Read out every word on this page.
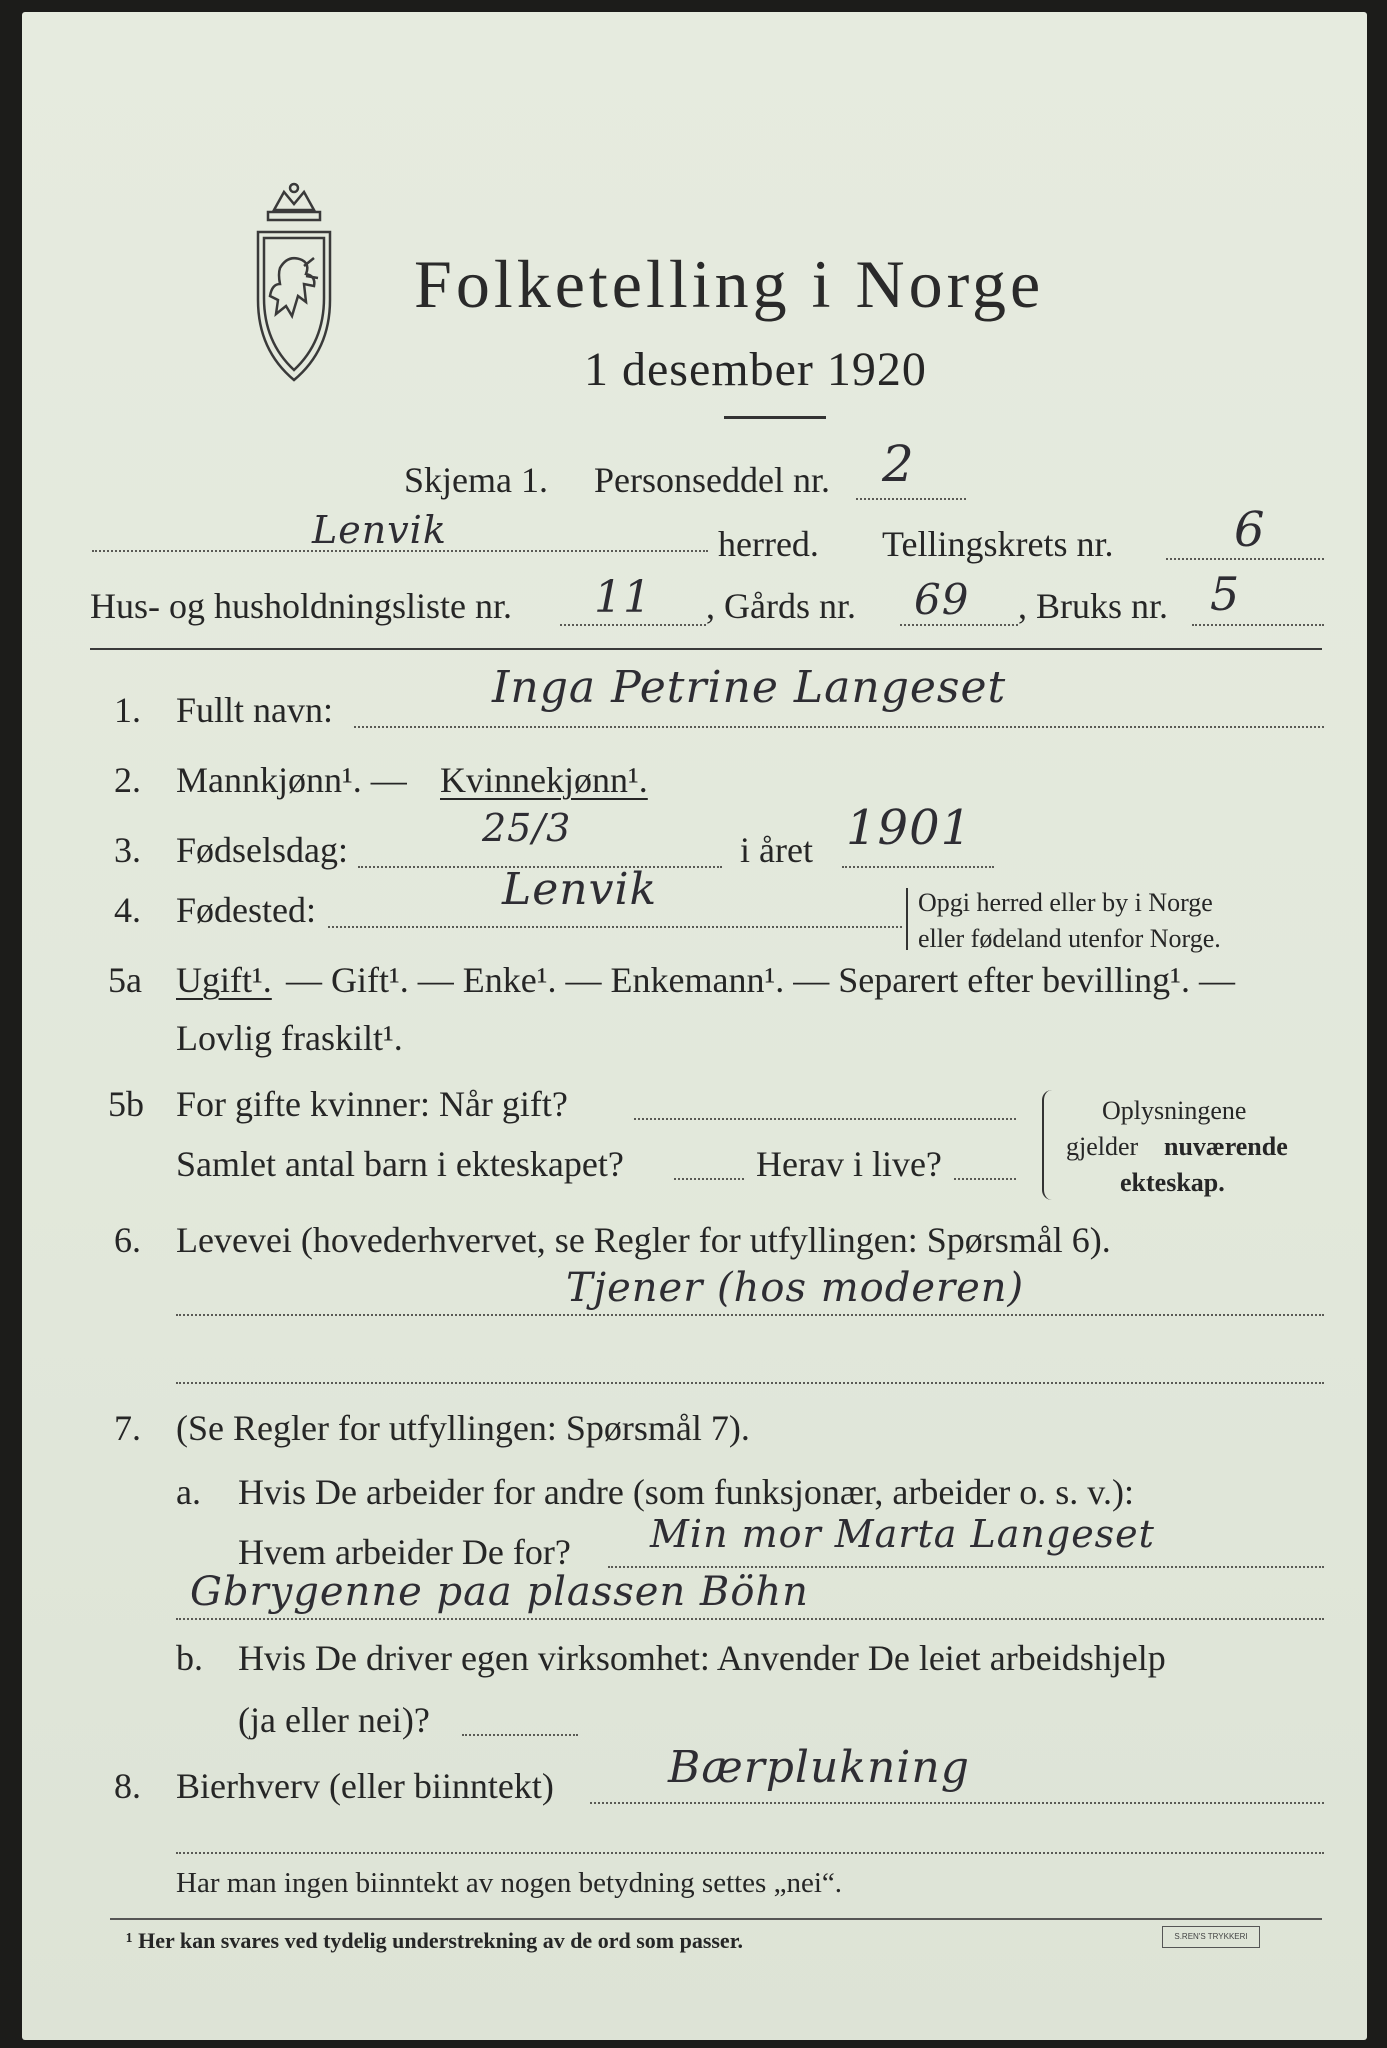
Folketelling i Norge
1 desember 1920
Skjema 1. Personseddel nr. 2
Lenvik	herred. Tellingskrets nr.	6
Hus- og husholdningsliste nr. 11 , Gårds nr. 69 , Bruks nr. 5
1. Fullt navn:	Inga Petrine Langeset
2. Mannkjønn¹. — Kvinnekjønn¹.
3. Fødselsdag:	25/3	i året 1901
4. Fødested:	Lenvik	Opgi herred eller by i Norge
eller fødeland utenfor Norge.
5a Ugift¹. — Gift¹. — Enke¹. — Enkemann¹. — Separert efter bevilling¹. —
Lovlig fraskilt¹.
5b For gifte kvinner: Når gift?
Samlet antal barn i ekteskapet?	Herav i live?
Oplysningene
gjelder nuværende
ekteskap.
6. Levevei (hovederhvervet, se Regler for utfyllingen: Spørsmål 6).
Tjener (hos moderen)
7. (Se Regler for utfyllingen: Spørsmål 7).
a. Hvis De arbeider for andre (som funksjonær, arbeider o. s. v.):
Hvem arbeider De for? Min mor Marta Langeset
Gbrygenne paa plassen Böhn
b. Hvis De driver egen virksomhet: Anvender De leiet arbeidshjelp
(ja eller nei)?
8. Bierhverv (eller biinntekt)	Bærplukning
Har man ingen biinntekt av nogen betydning settes „nei“.
¹ Her kan svares ved tydelig understrekning av de ord som passer.	S.REN'S TRYKKERI
